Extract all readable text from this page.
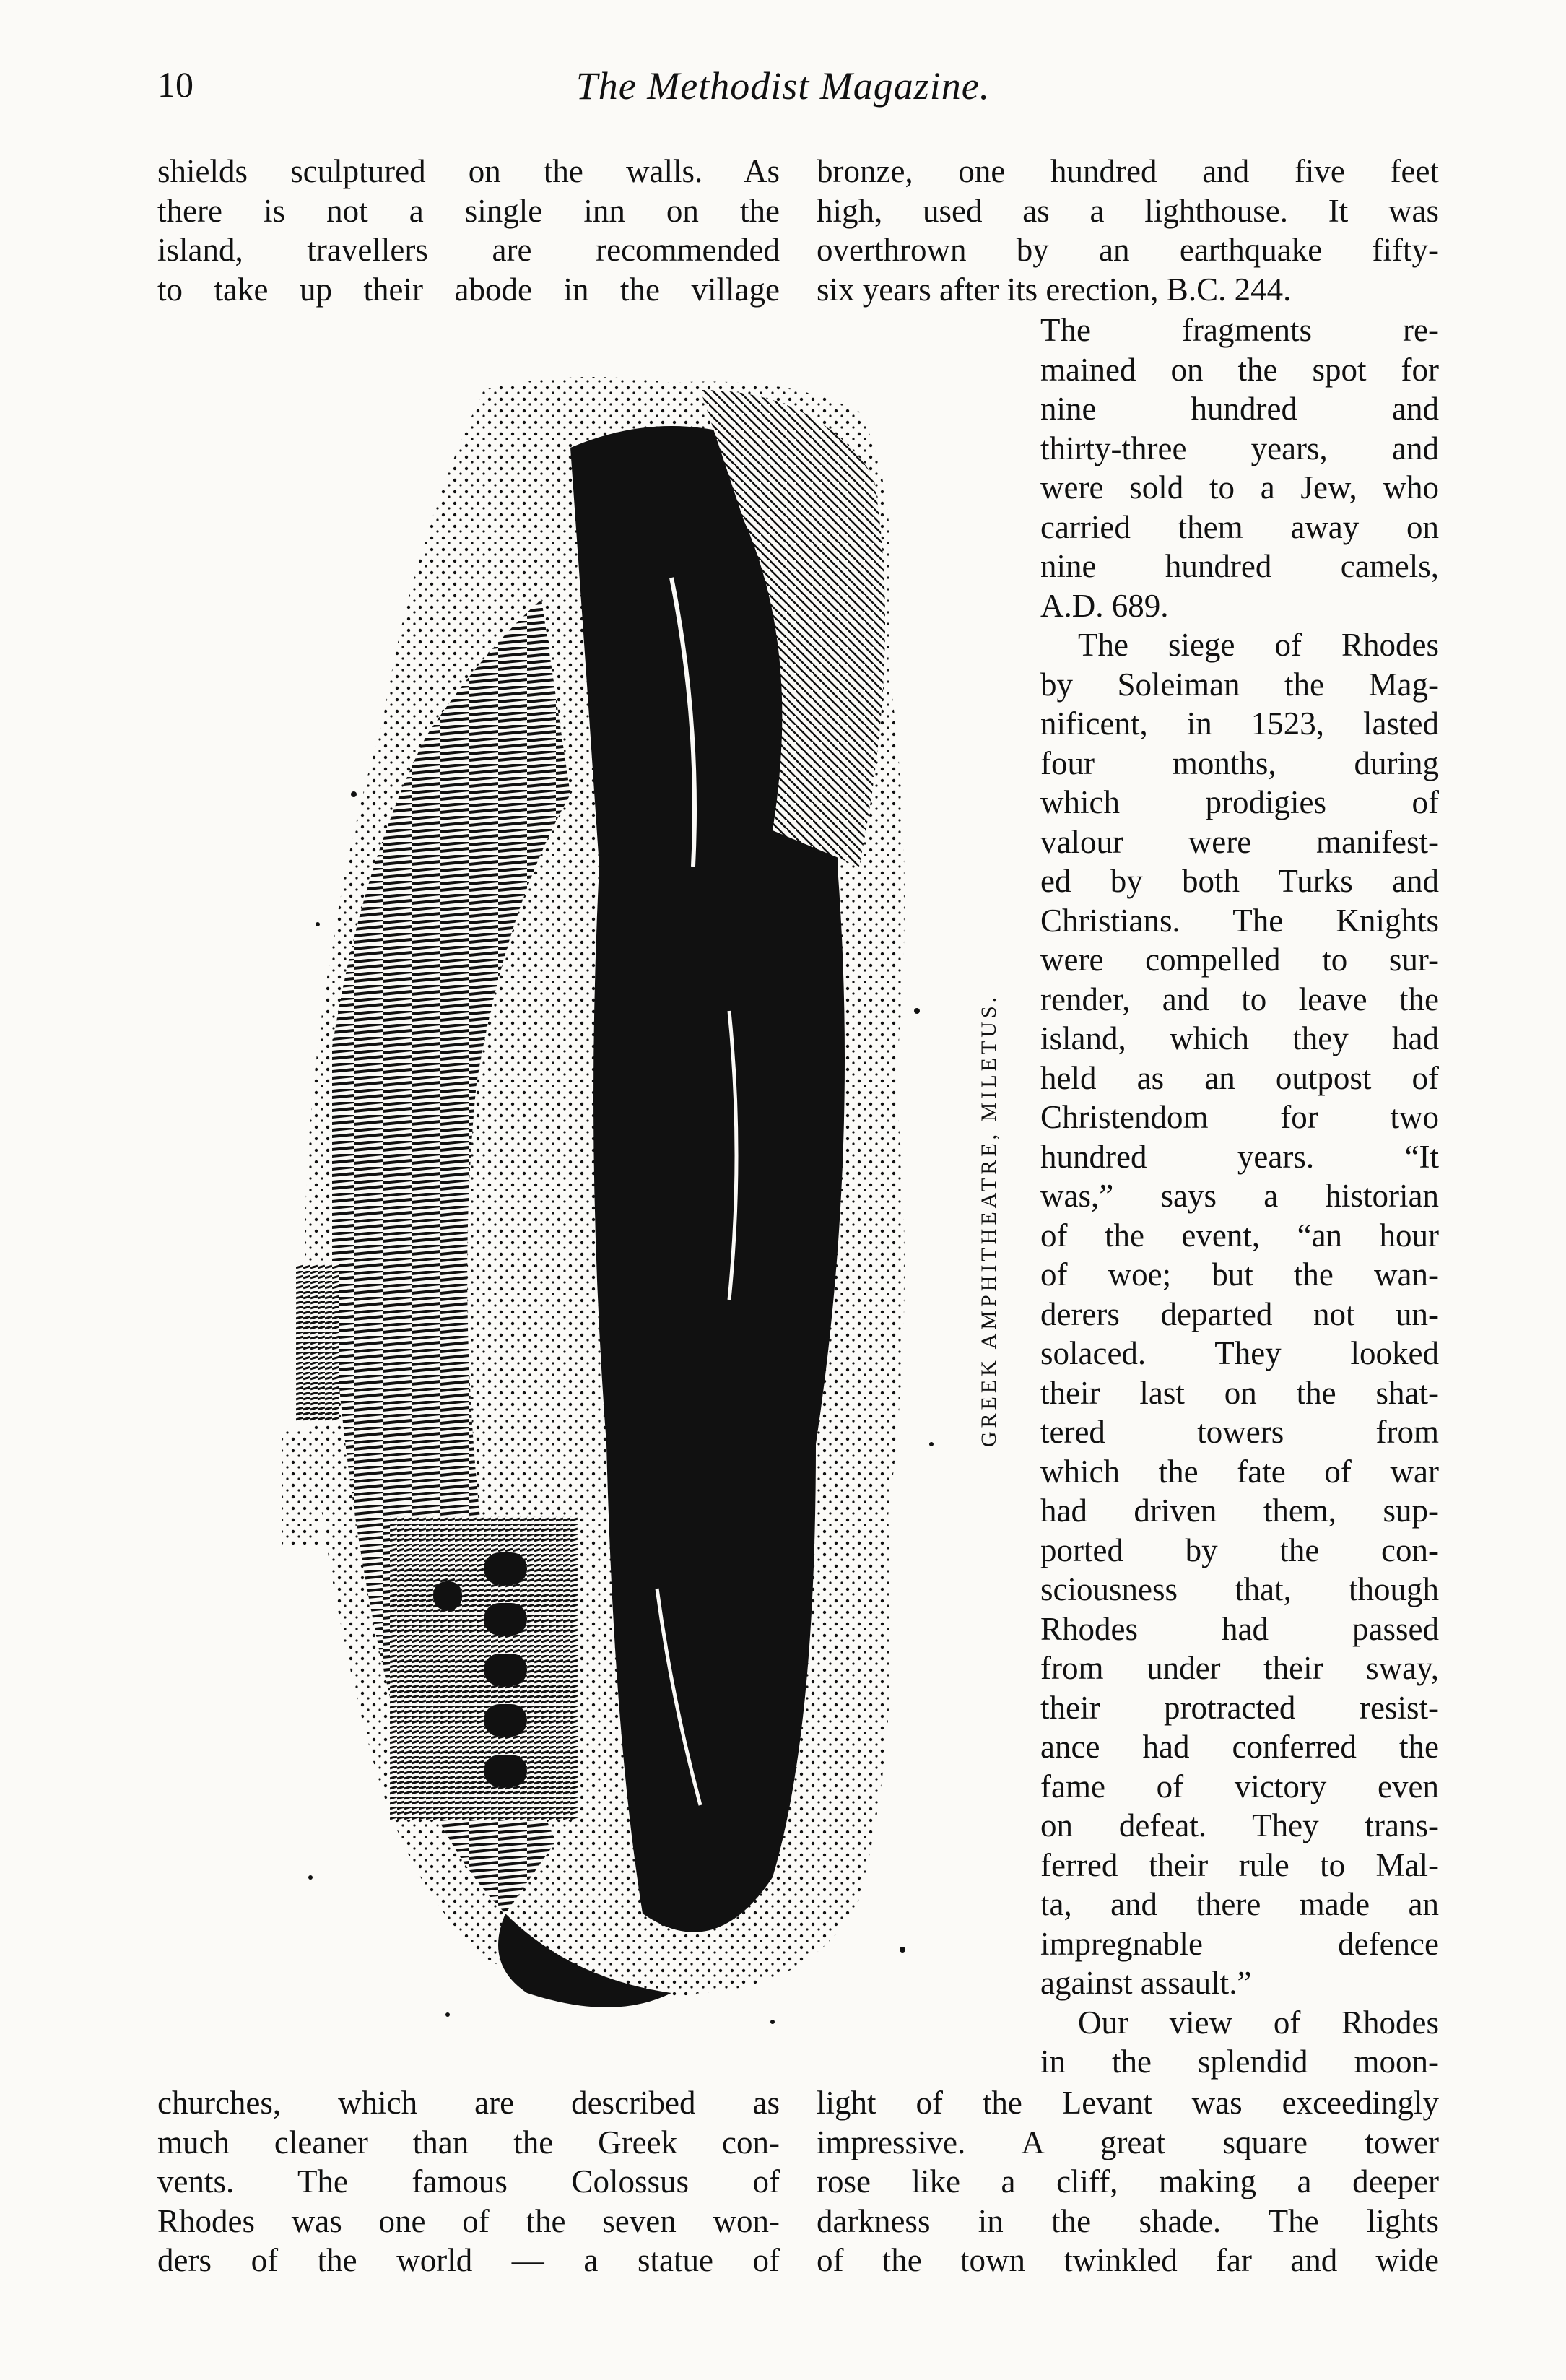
10	The Methodist Magazine.
shields sculptured on the walls. As
there is not a single inn on the
island, travellers are recommended
to take up their abode in the village
bronze, one hundred and five feet
high, used as a lighthouse. It was
overthrown by an earthquake fifty-
six years after its erection, B.C. 244.
GREEK AMPHITHEATRE, MILETUS.
The fragments re-
mained on the spot for
nine hundred and
thirty-three years, and
were sold to a Jew, who
carried them away on
nine hundred camels,
A.D. 689.
The siege of Rhodes
by Soleiman the Mag-
nificent, in 1523, lasted
four months, during
which prodigies of
valour were manifest-
ed by both Turks and
Christians. The Knights
were compelled to sur-
render, and to leave the
island, which they had
held as an outpost of
Christendom for two
hundred years. “It
was,” says a historian
of the event, “an hour
of woe; but the wan-
derers departed not un-
solaced. They looked
their last on the shat-
tered towers from
which the fate of war
had driven them, sup-
ported by the con-
sciousness that, though
Rhodes had passed
from under their sway,
their protracted resist-
ance had conferred the
fame of victory even
on defeat. They trans-
ferred their rule to Mal-
ta, and there made an
impregnable defence
against assault.”
Our view of Rhodes
in the splendid moon-
churches, which are described as
much cleaner than the Greek con-
vents. The famous Colossus of
Rhodes was one of the seven won-
ders of the world — a statue of
light of the Levant was exceedingly
impressive. A great square tower
rose like a cliff, making a deeper
darkness in the shade. The lights
of the town twinkled far and wide
